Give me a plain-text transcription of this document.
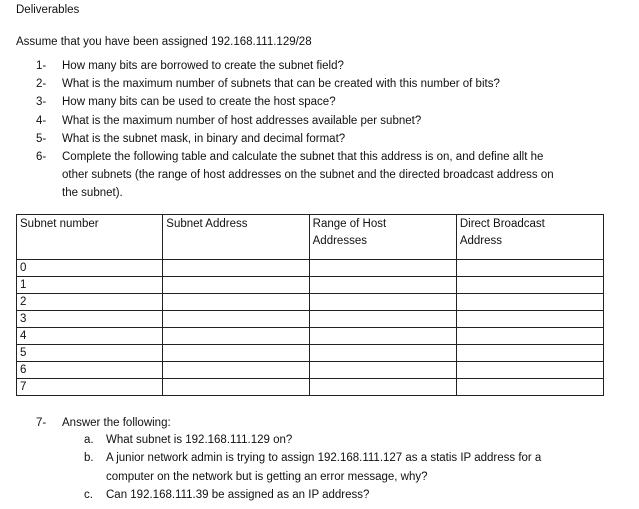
Deliverables
Assume that you have been assigned 192.168.111.129/28
1- How many bits are borrowed to create the subnet field?
2- What is the maximum number of subnets that can be created with this number of bits?
3- How many bits can be used to create the host space?
4- What is the maximum number of host addresses available per subnet?
5- What is the subnet mask, in binary and decimal format?
6- Complete the following table and calculate the subnet that this address is on, and define allt he
other subnets (the range of host addresses on the subnet and the directed broadcast address on
the subnet).
Subnet number	Subnet Address	Range of Host Addresses	Direct Broadcast Address
0			
1			
2			
3			
4			
5			
6			
7			
7- Answer the following:
a. What subnet is 192.168.111.129 on?
b. A junior network admin is trying to assign 192.168.111.127 as a statis IP address for a
computer on the network but is getting an error message, why?
c. Can 192.168.111.39 be assigned as an IP address?
